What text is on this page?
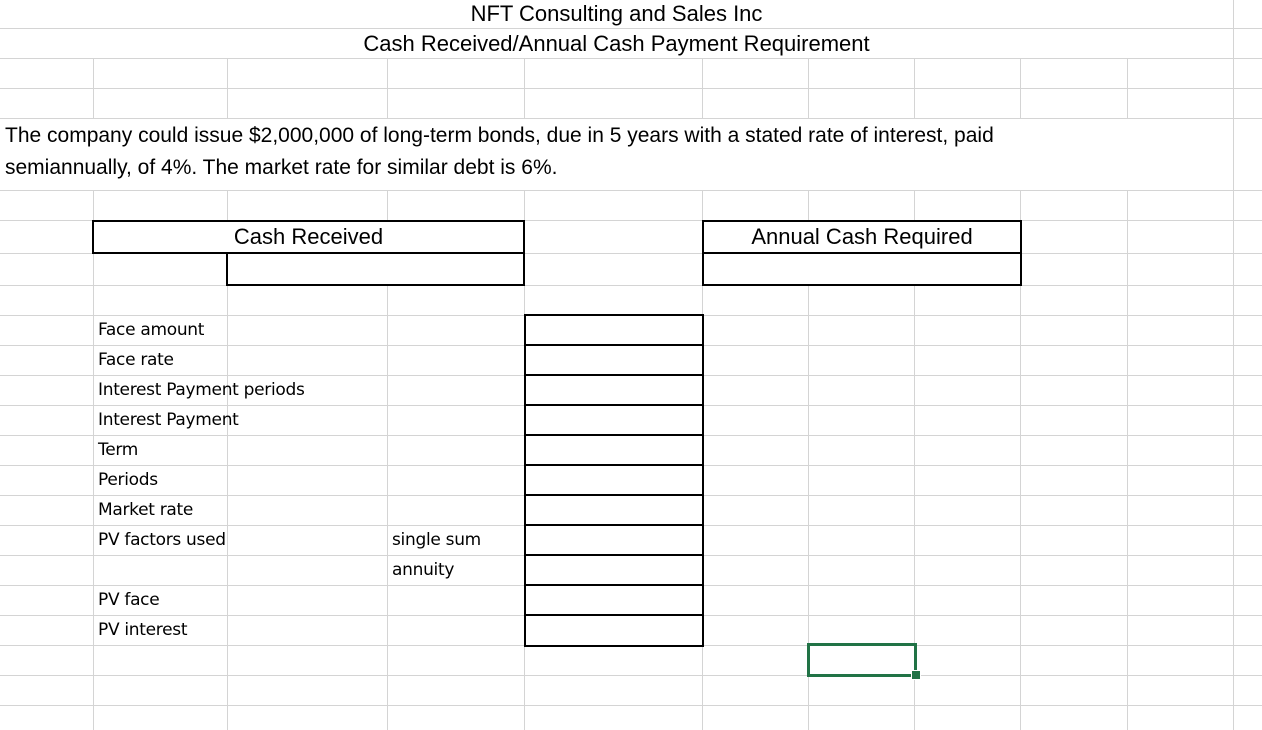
NFT Consulting and Sales Inc
Cash Received/Annual Cash Payment Requirement
The company could issue $2,000,000 of long-term bonds, due in 5 years with a stated rate of interest, paid
semiannually, of 4%. The market rate for similar debt is 6%.
Cash Received	Annual Cash Required
Face amount
Face rate
Interest Payment periods
Interest Payment
Term
Periods
Market rate
PV factors used
PV face
PV interest
single sum
annuity
